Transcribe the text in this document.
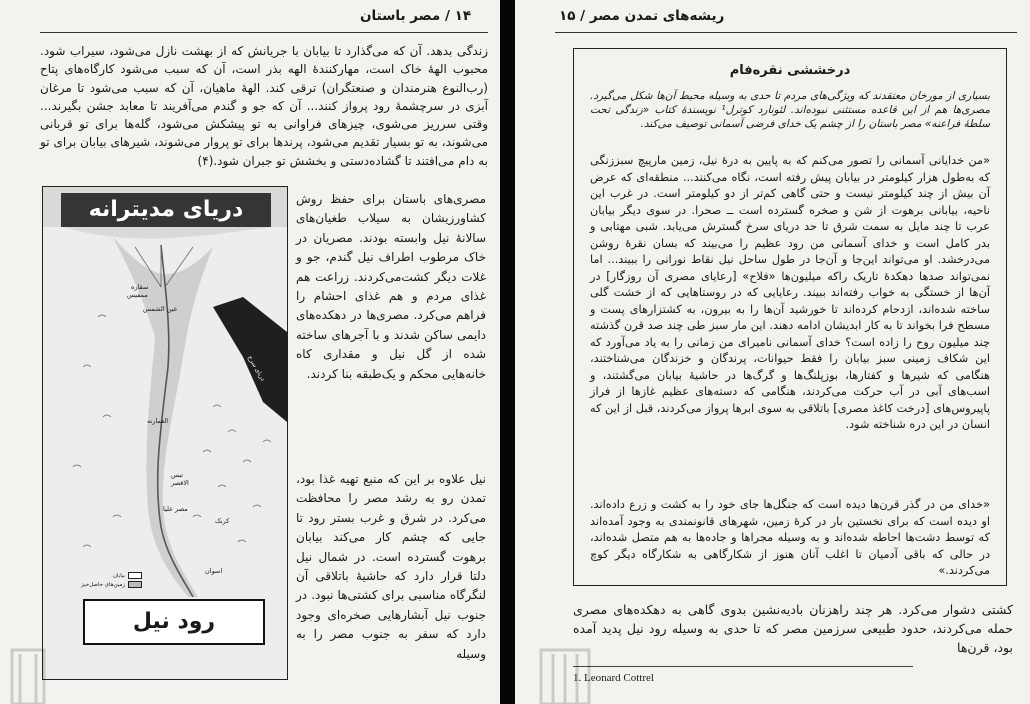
۱۴ / مصر باستان
زندگی بدهد. آن که می‌گذارد تا بیابان با جریانش که از بهشت نازل می‌شود، سیراب شود. محبوب الههٔ خاک است، مهارکنندهٔ الهه بذر است، آن که سبب می‌شود کارگاه‌های پتاح (رب‌النوع هنرمندان و صنعتگران) ترقی کند. الههٔ ماهیان، آن که سبب می‌شود تا مرغان آبزی در سرچشمهٔ رود پرواز کنند... آن که جو و گندم می‌آفریند تا معابد جشن بگیرند... وقتی سرریز می‌شوی، چیزهای فراوانی به تو پیشکش می‌شود، گله‌ها برای تو قربانی می‌شوند، به تو بسیار تقدیم می‌شود، پرندها برای تو پروار می‌شوند، شیرهای بیابان برای تو به دام می‌افتند تا گشاده‌دستی و بخشش تو جبران شود.(۴)
دریای سرخ
دریای مدیترانه
سقاره
ممفیس
عین الشمس
العمارنه
تبس
الاقصر
مصر علیا
کرنک
اسوان
بیابان
زمین‌های حاصل‌خیز
رود نیل
مصری‌های باستان برای حفظ روش کشاورزیشان به سیلاب طغیان‌های سالانهٔ نیل وابسته بودند. مصریان در خاک مرطوب اطراف نیل گندم، جو و غلات دیگر کشت‌می‌کردند. زراعت هم غذای مردم و هم غذای احشام را فراهم می‌کرد. مصری‌ها در دهکده‌های دایمی ساکن شدند و با آجرهای ساخته شده از گل نیل و مقداری کاه خانه‌هایی محکم و یک‌طبقه بنا کردند.
نیل علاوه بر این که منبع تهیه غذا بود، تمدن رو به رشد مصر را محافظت می‌کرد. در شرق و غرب بستر رود تا جایی که چشم کار می‌کند بیابان برهوت گسترده است. در شمال نیل دلتا قرار دارد که حاشیهٔ باتلاقی آن لنگرگاه مناسبی برای کشتی‌ها نبود. در جنوب نیل آبشارهایی صخره‌ای وجود دارد که سفر به جنوب مصر را به وسیله
ریشه‌های تمدن مصر / ۱۵
درخششی نقره‌فام
بسیاری از مورخان معتقدند که ویژگی‌های مردم تا حدی به وسیله محیط آن‌ها شکل می‌گیرد. مصری‌ها هم از این قاعده مستثنی نبوده‌اند. لئونارد کوترل¹ نویسندهٔ کتاب «زندگی تحت سلطهٔ فراعنه» مصر باستان را از چشم یک خدای فرضی آسمانی توصیف می‌کند.
«من خدایانی آسمانی را تصور می‌کنم که به پایین به درهٔ نیل، زمین مارپیچ سبززنگی که به‌طول هزار کیلومتر در بیابان پیش رفته است، نگاه می‌کنند... منطقه‌ای که عرض آن بیش از چند کیلومتر نیست و حتی گاهی کم‌تر از دو کیلومتر است. در غرب این ناحیه، بیابانی برهوت از شن و صخره گسترده است ــ صحرا. در سوی دیگر بیابان عرب تا چند مایل به سمت شرق تا حد دریای سرخ گسترش می‌یابد. شبی مهتابی و بدر کامل است و خدای آسمانی من رود عظیم را می‌بیند که بسان نقرهٔ روشن می‌درخشد. او می‌تواند این‌جا و آن‌جا در طول ساحل نیل نقاط نورانی را ببیند... اما نمی‌تواند صدها دهکدهٔ تاریک راکه میلیون‌ها «فلاح» [رعایای مصری آن روزگار] در آن‌ها از خستگی به خواب رفته‌اند ببیند. رعایایی که در روستاهایی که از خشت گلی ساخته شده‌اند، ازدحام کرده‌اند تا خورشید آن‌ها را به بیرون، به کشتزارهای پست و مسطح فرا بخواند تا به کار ابدیشان ادامه دهند. این مار سبز طی چند صد قرن گذشته چند میلیون روح را زاده است؟ خدای آسمانی نامیرای من زمانی را به یاد می‌آورد که این شکاف زمینی سبز بیابان را فقط حیوانات، پرندگان و خزندگان می‌شناختند، هنگامی که شیرها و کفتارها، بوزپلنگ‌ها و گرگ‌ها در حاشیهٔ بیابان می‌گشتند، و اسب‌های آبی در آب حرکت می‌کردند، هنگامی که دسته‌های عظیم غازها از فراز پاپیروس‌های [درخت کاغذ مصری] باتلاقی به سوی ابرها پرواز می‌کردند، قبل از این که انسان در این دره شناخته شود.
«خدای من در گذر قرن‌ها دیده است که جنگل‌ها جای خود را به کشت و زرع داده‌اند. او دیده است که برای نخستین بار در کرهٔ زمین، شهرهای قانونمندی به وجود آمده‌اند که توسط دشت‌ها احاطه شده‌اند و به وسیله مجراها و جاده‌ها به هم متصل شده‌اند، در حالی که باقی آدمیان تا اغلب آنان هنوز از شکارگاهی به شکارگاه دیگر کوچ می‌کردند.»
کشتی دشوار می‌کرد. هر چند راهزنان بادیه‌نشین بدوی گاهی به دهکده‌های مصری حمله می‌کردند، حدود طبیعی سرزمین مصر که تا حدی به وسیله رود نیل پدید آمده بود، قرن‌ها
1. Leonard Cottrel
